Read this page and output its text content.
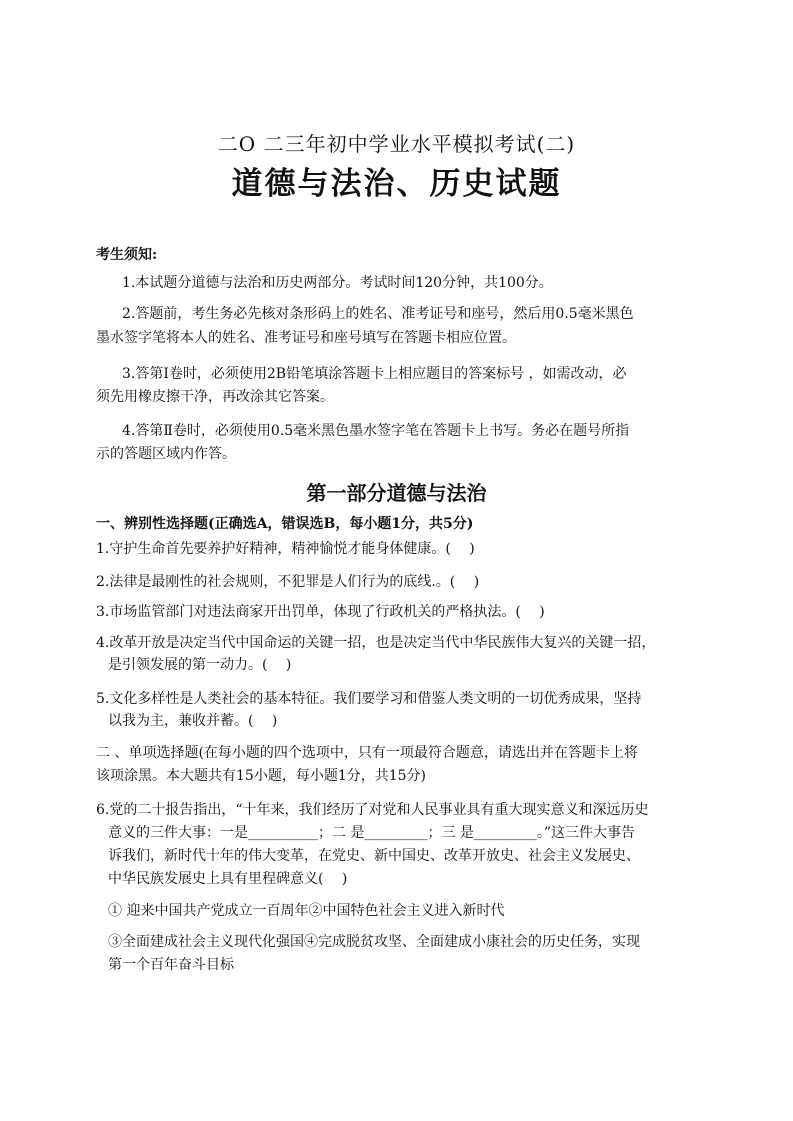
二O 二三年初中学业水平模拟考试(二)
道德与法治、历史试题
考生须知:
1.本试题分道德与法治和历史两部分。考试时间120分钟，共100分。
2.答题前，考生务必先核对条形码上的姓名、准考证号和座号，然后用0.5毫米黑色
墨水签字笔将本人的姓名、准考证号和座号填写在答题卡相应位置。
3.答第Ⅰ卷时，必须使用2B铅笔填涂答题卡上相应题目的答案标号 ，如需改动，必
须先用橡皮擦干净，再改涂其它答案。
4.答第Ⅱ卷时，必须使用0.5毫米黑色墨水签字笔在答题卡上书写。务必在题号所指
示的答题区域内作答。
第一部分道德与法治
一、辨别性选择题(正确选A，错误选B，每小题1分，共5分)
1.守护生命首先要养护好精神，精神愉悦才能身体健康。(　 )
2.法律是最刚性的社会规则，不犯罪是人们行为的底线.。(　 )
3.市场监管部门对违法商家开出罚单，体现了行政机关的严格执法。(　 )
4.改革开放是决定当代中国命运的关键一招，也是决定当代中华民族伟大复兴的关键一招，
是引领发展的第一动力。(　 )
5.文化多样性是人类社会的基本特征。我们要学习和借鉴人类文明的一切优秀成果，坚持
以我为主，兼收并蓄。(　 )
二 、单项选择题(在每小题的四个选项中，只有一项最符合题意，请选出并在答题卡上将
该项涂黑。本大题共有15小题，每小题1分，共15分)
6.党的二十报告指出，“十年来，我们经历了对党和人民事业具有重大现实意义和深远历史
意义的三件大事：一是__________；二 是_________；三 是_________。”这三件大事告
诉我们，新时代十年的伟大变革，在党史、新中国史、改革开放史、社会主义发展史、
中华民族发展史上具有里程碑意义(　 )
① 迎来中国共产党成立一百周年②中国特色社会主义进入新时代
③全面建成社会主义现代化强国④完成脱贫攻坚、全面建成小康社会的历史任务，实现
第一个百年奋斗目标
